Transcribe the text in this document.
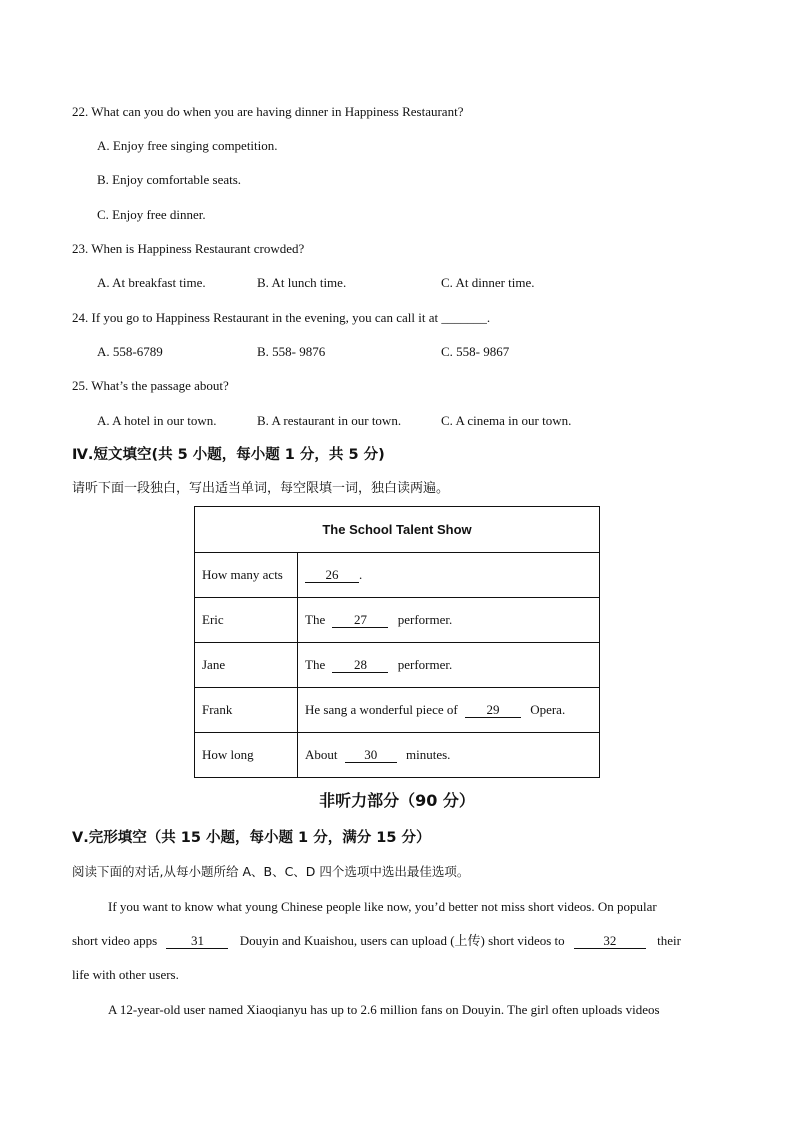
22. What can you do when you are having dinner in Happiness Restaurant?
A. Enjoy free singing competition.
B. Enjoy comfortable seats.
C. Enjoy free dinner.
23. When is Happiness Restaurant crowded?
A. At breakfast time.	B. At lunch time.	C. At dinner time.
24. If you go to Happiness Restaurant in the evening, you can call it at _______.
A. 558-6789	B. 558- 9876	C. 558- 9867
25. What’s the passage about?
A. A hotel in our town.	B. A restaurant in our town.	C. A cinema in our town.
Ⅳ.短文填空(共 5 小题，每小题 1 分，共 5 分)
请听下面一段独白，写出适当单词，每空限填一词，独白读两遍。
The School Talent Show	
How many acts	26 .
Eric	The 27 performer.
Jane	The 28 performer.
Frank	He sang a wonderful piece of 29 Opera.
How long	About 30 minutes.
非听力部分（90 分）
Ⅴ.完形填空（共 15 小题，每小题 1 分，满分 15 分）
阅读下面的对话,从每小题所给 A、B、C、D 四个选项中选出最佳选项。
If you want to know what young Chinese people like now, you’d better not miss short videos. On popular
short video apps	31	Douyin and Kuaishou, users can upload (上传) short videos to	32	their
life with other users.
A 12-year-old user named Xiaoqianyu has up to 2.6 million fans on Douyin. The girl often uploads videos
